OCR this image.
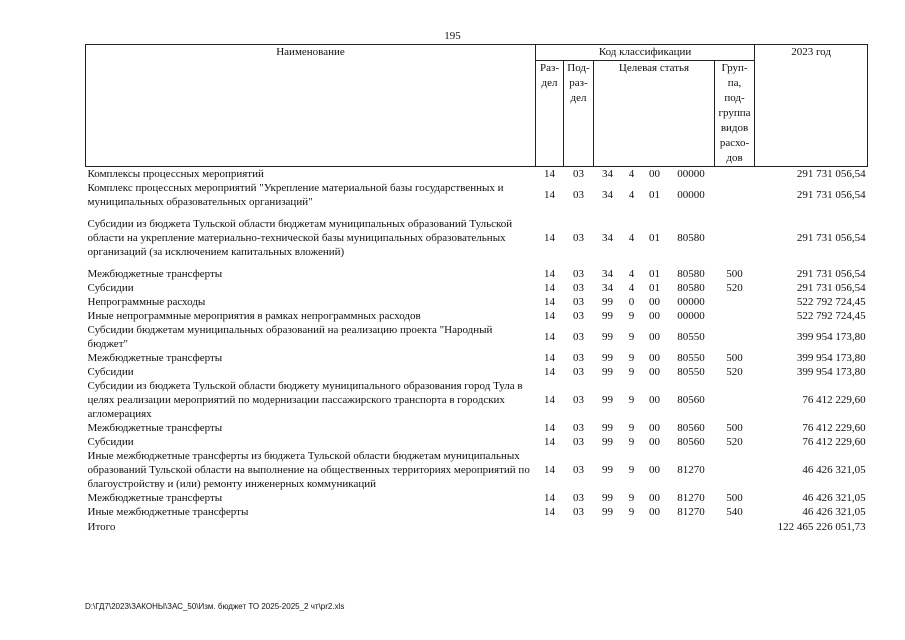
195
Наименование	Код классификации							2023 год
	Раз- дел	Под- раз- дел	Целевая статья				Груп- па, под- группа видов расхо- дов	
Комплексы процессных мероприятий	14	03	34	4	00	00000		291 731 056,54
Комплекс процессных мероприятий "Укрепление материальной базы государственных и муниципальных образовательных организаций"	14	03	34	4	01	00000		291 731 056,54

Субсидии из бюджета Тульской области бюджетам муниципальных образований Тульской области на укрепление материально-технической базы муниципальных образовательных организаций (за исключением капитальных вложений)	14	03	34	4	01	80580		291 731 056,54

Межбюджетные трансферты	14	03	34	4	01	80580	500	291 731 056,54
Субсидии	14	03	34	4	01	80580	520	291 731 056,54
Непрограммные расходы	14	03	99	0	00	00000		522 792 724,45
Иные непрограммные мероприятия в рамках непрограммных расходов	14	03	99	9	00	00000		522 792 724,45
Субсидии бюджетам муниципальных образований на реализацию проекта "Народный бюджет"	14	03	99	9	00	80550		399 954 173,80
Межбюджетные трансферты	14	03	99	9	00	80550	500	399 954 173,80
Субсидии	14	03	99	9	00	80550	520	399 954 173,80
Субсидии из бюджета Тульской области бюджету муниципального образования город Тула в целях реализации мероприятий по модернизации пассажирского транспорта в городских агломерациях	14	03	99	9	00	80560		76 412 229,60
Межбюджетные трансферты	14	03	99	9	00	80560	500	76 412 229,60
Субсидии	14	03	99	9	00	80560	520	76 412 229,60
Иные межбюджетные трансферты из бюджета Тульской области бюджетам муниципальных образований Тульской области на выполнение на общественных территориях мероприятий по благоустройству и (или) ремонту инженерных коммуникаций	14	03	99	9	00	81270		46 426 321,05
Межбюджетные трансферты	14	03	99	9	00	81270	500	46 426 321,05
Иные межбюджетные трансферты	14	03	99	9	00	81270	540	46 426 321,05
Итого								122 465 226 051,73
D:\ГД7\2023\ЗАКОНЫ\ЗАС_50\Изм. бюджет ТО 2025-2025_2 чт\pr2.xls
